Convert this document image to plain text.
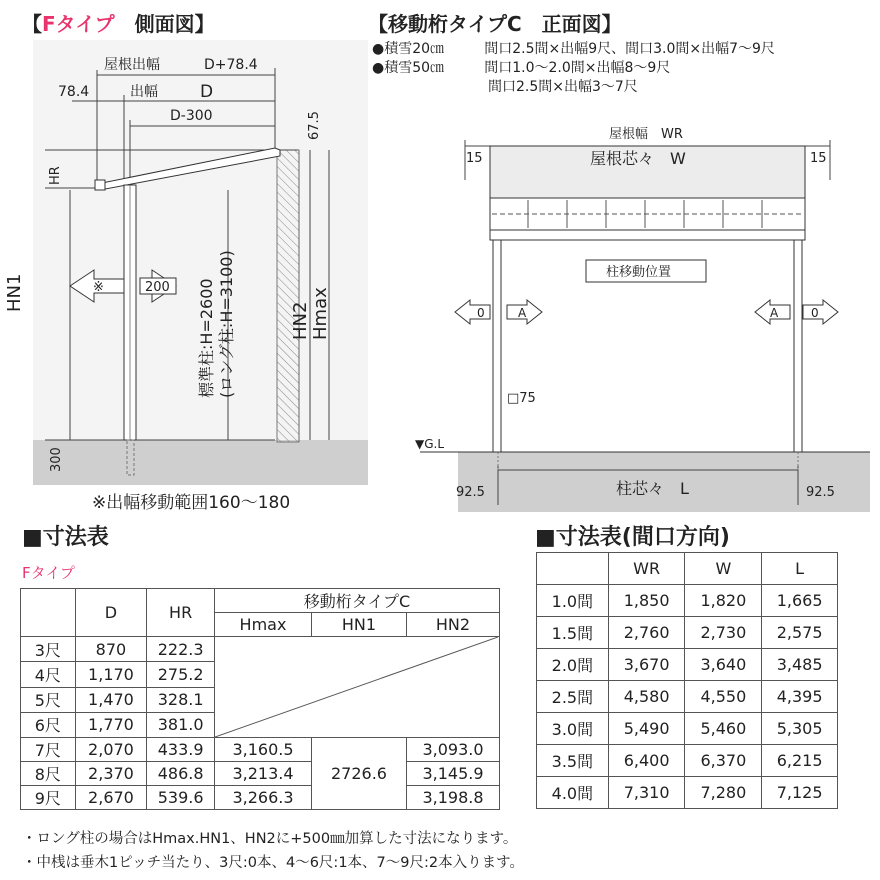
【Fタイプ　側面図】
HN1
HR
300
標準柱:H=2600 (ロング柱:H=3100)	HN2 Hmax
67.5
屋根出幅	D+78.4
78.4	出幅 D
D-300
※	200
※出幅移動範囲160～180
【移動桁タイプC　正面図】
●積雪20㎝	間口2.5間×出幅9尺、間口3.0間×出幅7～9尺
●積雪50㎝	間口1.0～2.0間×出幅8～9尺
間口2.5間×出幅3～7尺
屋根幅　WR
屋根芯々　W
15	15
柱移動位置
0	A	A	0
□75
▼G.L
92.5	92.5
柱芯々　L
■寸法表
Fタイプ
	D	HR	移動桁タイプC		
			Hmax	HN1	HN2
3尺	870	222.3	

4尺	1,170	275.2			
5尺	1,470	328.1			
6尺	1,770	381.0			
7尺	2,070	433.9	3,160.5	2726.6	3,093.0
8尺	2,370	486.8	3,213.4		3,145.9
9尺	2,670	539.6	3,266.3		3,198.8
■寸法表(間口方向)
	WR	W	L
1.0間	1,850	1,820	1,665
1.5間	2,760	2,730	2,575
2.0間	3,670	3,640	3,485
2.5間	4,580	4,550	4,395
3.0間	5,490	5,460	5,305
3.5間	6,400	6,370	6,215
4.0間	7,310	7,280	7,125
・ロング柱の場合はHmax.HN1、HN2に+500㎜加算した寸法になります。
・中桟は垂木1ピッチ当たり、3尺:0本、4～6尺:1本、7～9尺:2本入ります。
